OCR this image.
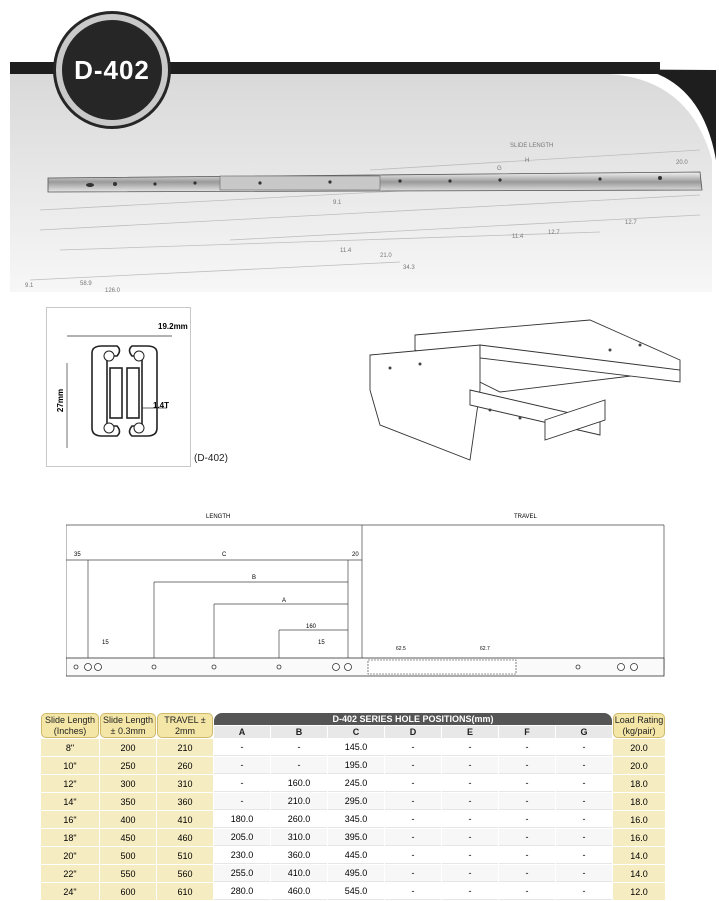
D-402
SLIDE LENGTH
H	20.0
11.4
12.7
12.7
9.1
21.0
34.3
11.4
9.1	58.9
126.0
G
19.2mm
27mm	1.4T
(D-402)
LENGTH	TRAVEL
35	C	20
B
A
160
15	15
62.5	62.7
Slide Length (Inches)	Slide Length ± 0.3mm	TRAVEL ± 2mm	D-402 SERIES HOLE POSITIONS(mm)							Load Rating (kg/pair)
			A	B	C	D	E	F	G	
8"	200	210	-	-	145.0	-	-	-	-	20.0
10"	250	260	-	-	195.0	-	-	-	-	20.0
12"	300	310	-	160.0	245.0	-	-	-	-	18.0
14"	350	360	-	210.0	295.0	-	-	-	-	18.0
16"	400	410	180.0	260.0	345.0	-	-	-	-	16.0
18"	450	460	205.0	310.0	395.0	-	-	-	-	16.0
20"	500	510	230.0	360.0	445.0	-	-	-	-	14.0
22"	550	560	255.0	410.0	495.0	-	-	-	-	14.0
24"	600	610	280.0	460.0	545.0	-	-	-	-	12.0
